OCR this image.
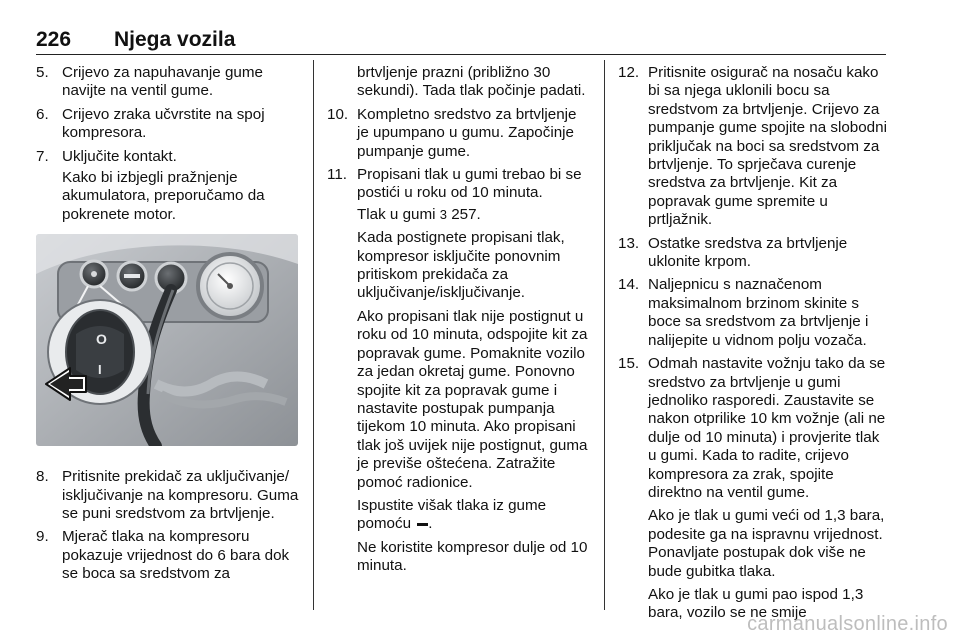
226 Njega vozila
5. Crijevo za napuhavanje gume navijte na ventil gume.
6. Crijevo zraka učvrstite na spoj kompresora.
7. Uključite kontakt.
Kako bi izbjegli pražnjenje akumulatora, preporučamo da pokrenete motor.
O
I
8. Pritisnite prekidač za uključivanje/ isključivanje na kompresoru. Guma se puni sredstvom za brtvljenje.
9. Mjerač tlaka na kompresoru pokazuje vrijednost do 6 bara dok se boca sa sredstvom za
brtvljenje prazni (približno 30 sekundi). Tada tlak počinje padati.
10. Kompletno sredstvo za brtvljenje je upumpano u gumu. Započinje pumpanje gume.
11. Propisani tlak u gumi trebao bi se postići u roku od 10 minuta.
Tlak u gumi 3 257.
Kada postignete propisani tlak, kompresor isključite ponovnim pritiskom prekidača za uključivanje/isključivanje.
Ako propisani tlak nije postignut u roku od 10 minuta, odspojite kit za popravak gume. Pomaknite vozilo za jedan okretaj gume. Ponovno spojite kit za popravak gume i nastavite postupak pumpanja tijekom 10 minuta. Ako propisani tlak još uvijek nije postignut, guma je previše oštećena. Zatražite pomoć radionice.
Ispustite višak tlaka iz gume pomoću .
Ne koristite kompresor dulje od 10 minuta.
12. Pritisnite osigurač na nosaču kako bi sa njega uklonili bocu sa sredstvom za brtvljenje. Crijevo za pumpanje gume spojite na slobodni priključak na boci sa sredstvom za brtvljenje. To sprječava curenje sredstva za brtvljenje. Kit za popravak gume spremite u prtljažnik.
13. Ostatke sredstva za brtvljenje uklonite krpom.
14. Naljepnicu s naznačenom maksimalnom brzinom skinite s boce sa sredstvom za brtvljenje i nalijepite u vidnom polju vozača.
15. Odmah nastavite vožnju tako da se sredstvo za brtvljenje u gumi jednoliko rasporedi. Zaustavite se nakon otprilike 10 km vožnje (ali ne dulje od 10 minuta) i provjerite tlak u gumi. Kada to radite, crijevo kompresora za zrak, spojite direktno na ventil gume.
Ako je tlak u gumi veći od 1,3 bara, podesite ga na ispravnu vrijednost. Ponavljate postupak dok više ne bude gubitka tlaka.
Ako je tlak u gumi pao ispod 1,3 bara, vozilo se ne smije
carmanualsonline.info
